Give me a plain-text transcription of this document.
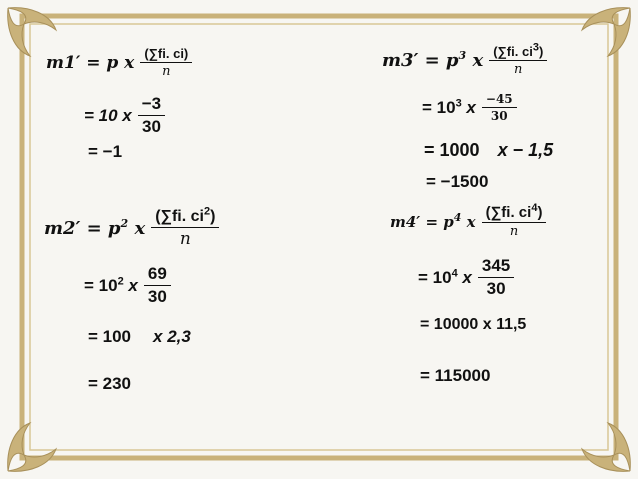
m1′ = p x $\frac{(\sum fi. ci)}{n}$
= 10 x $\frac{-3}{30}$
= −1
$m2' = p^2$ x $\frac{(\sum fi. ci^2)}{n}$
= $10^2$ x $\frac{69}{30}$
= 100 x 2,3
= 230
$m3' = p^3$ x $\frac{(\sum fi. ci^3)}{n}$
= $10^3$ x $\frac{-45}{30}$
= 1000 x − 1,5
= −1500
$m4' = p^4$ x $\frac{(\sum fi. ci^4)}{n}$
= $10^4$ x $\frac{345}{30}$
= 10000 x 11,5
= 115000
